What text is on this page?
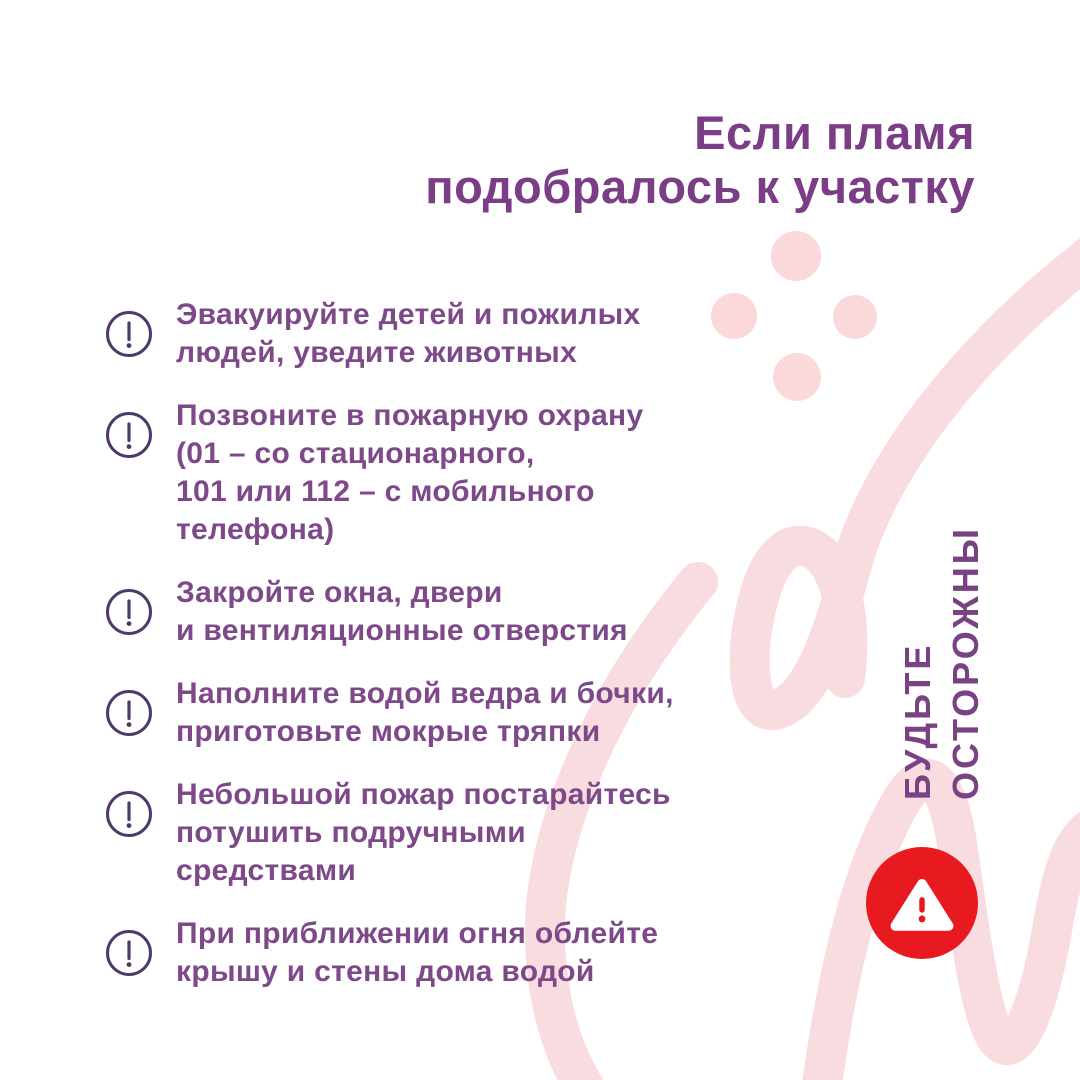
Если пламя
подобралось к участку
Эвакуируйте детей и пожилых
людей, уведите животных
Позвоните в пожарную охрану
(01 – со стационарного,
101 или 112 – с мобильного
телефона)
Закройте окна, двери
и вентиляционные отверстия
Наполните водой ведра и бочки,
приготовьте мокрые тряпки
Небольшой пожар постарайтесь
потушить подручными
средствами
При приближении огня облейте
крышу и стены дома водой
БУДЬТЕ ОСТОРОЖНЫ
